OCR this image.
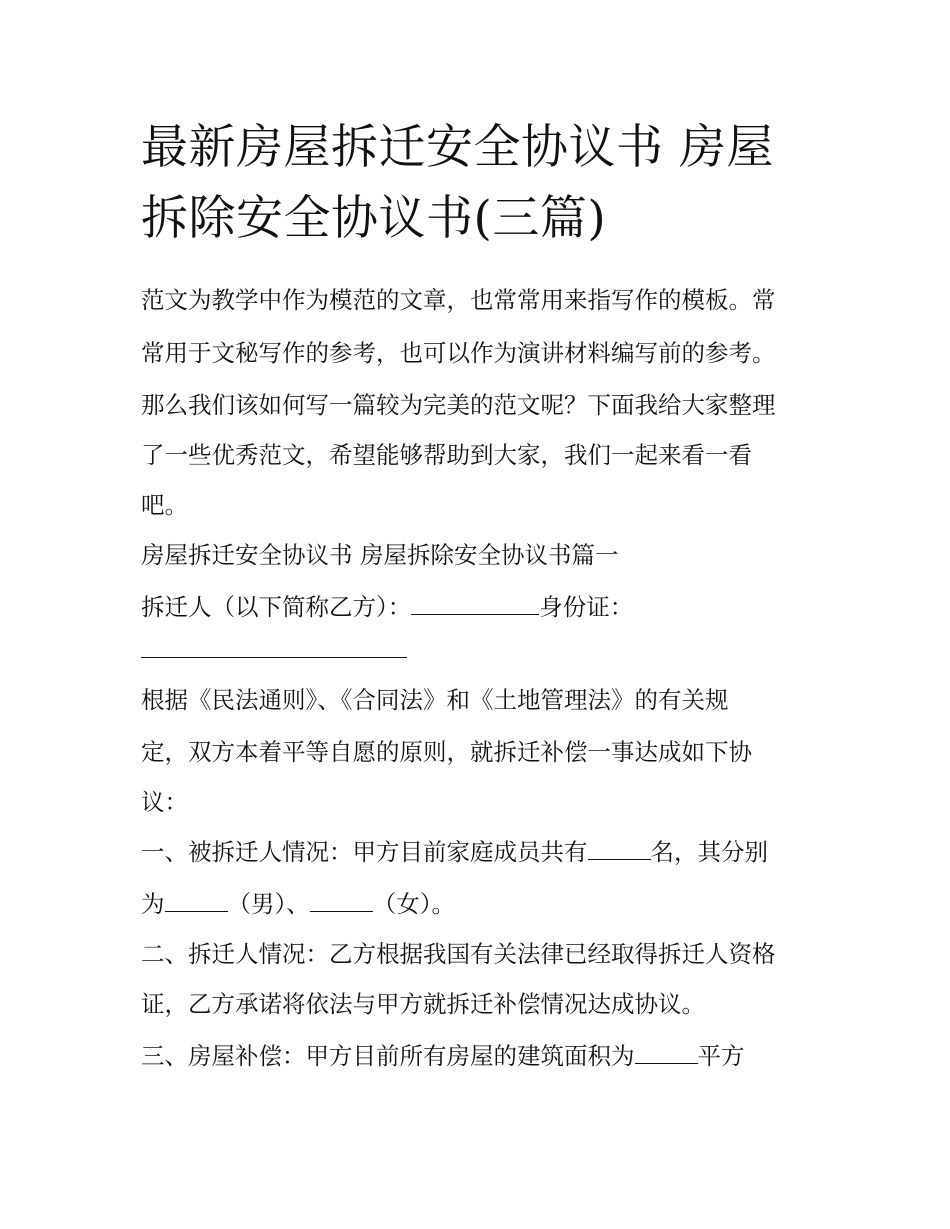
最新房屋拆迁安全协议书 房屋拆除安全协议书(三篇)

范文为教学中作为模范的文章，也常常用来指写作的模板。常

常用于文秘写作的参考，也可以作为演讲材料编写前的参考。

那么我们该如何写一篇较为完美的范文呢？下面我给大家整理

了一些优秀范文，希望能够帮助到大家，我们一起来看一看

吧。

房屋拆迁安全协议书 房屋拆除安全协议书篇一

拆迁人（以下简称乙方）：	身份证：

根据《民法通则》、《合同法》和《土地管理法》的有关规

定，双方本着平等自愿的原则，就拆迁补偿一事达成如下协

议：

一、被拆迁人情况：甲方目前家庭成员共有	名，其分别

为	（男）、	（女）。

二、拆迁人情况：乙方根据我国有关法律已经取得拆迁人资格

证，乙方承诺将依法与甲方就拆迁补偿情况达成协议。

三、房屋补偿：甲方目前所有房屋的建筑面积为	平方
